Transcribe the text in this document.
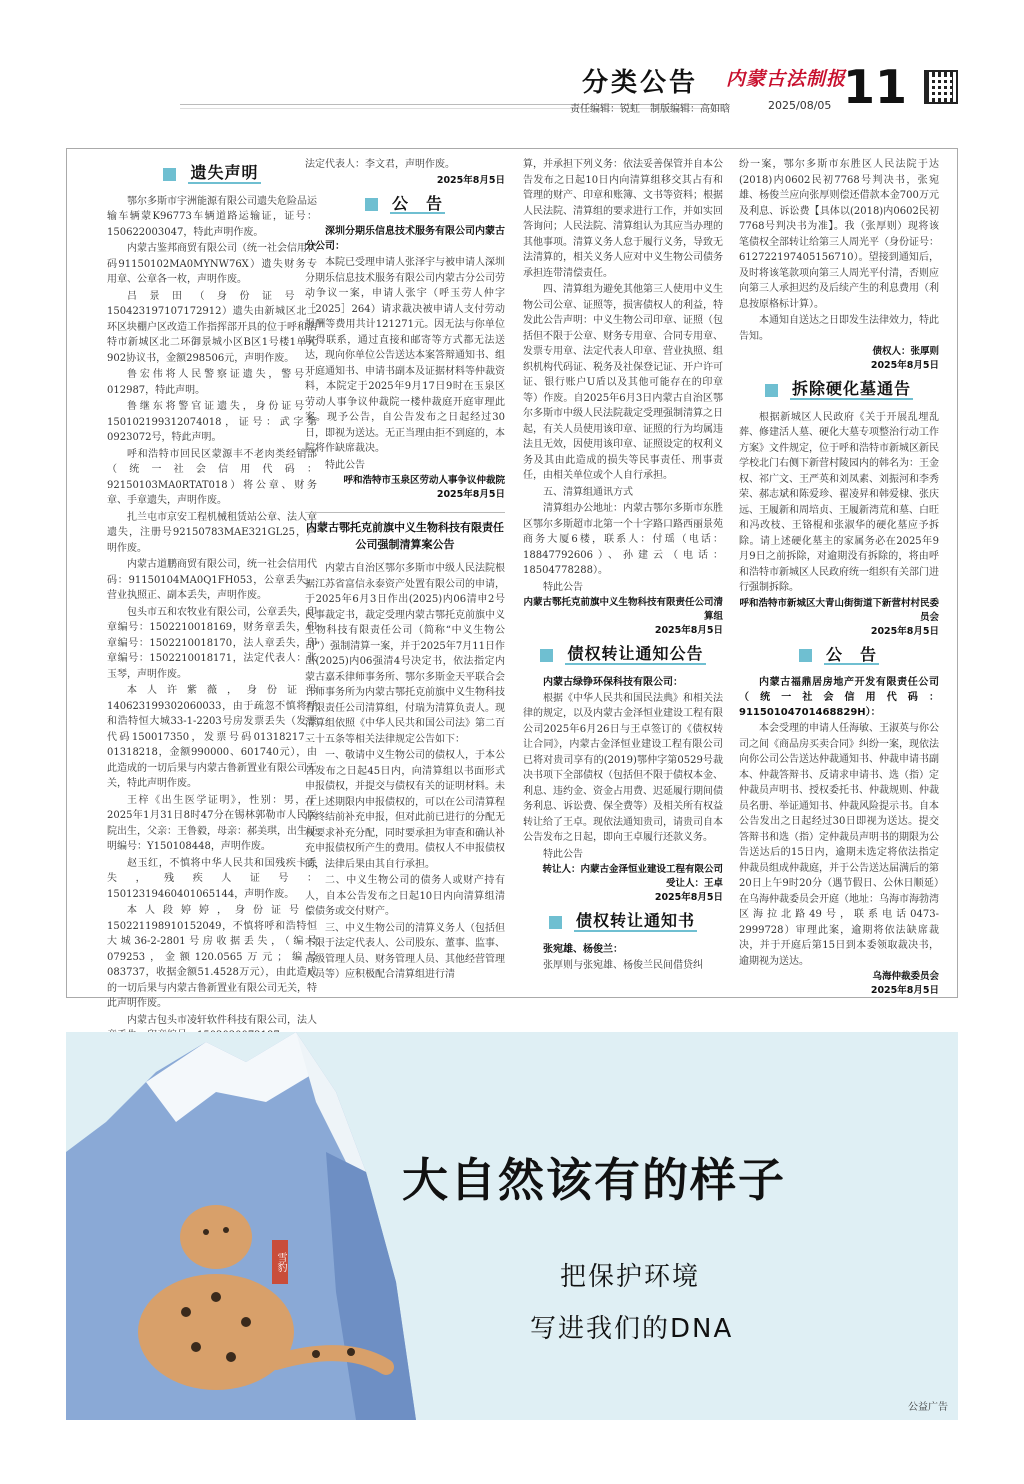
分类公告 内蒙古法制报
11
责任编辑：锐虹　制版编辑：高如晗	2025/08/05
遗失声明

鄂尔多斯市宇洲能源有限公司遗失危险品运输车辆蒙K96773车辆道路运输证，证号：150622003047，特此声明作废。

内蒙古鉴邦商贸有限公司（统一社会信用代码91150102MA0MYNW76X）遗失财务专用章、公章各一枚，声明作废。

吕景田（身份证号：150423197107172912）遗失由新城区北二环区块棚户区改造工作指挥部开具的位于呼和浩特市新城区北二环御景城小区B区1号楼1单元902协议书，金额298506元，声明作废。

鲁宏伟将人民警察证遗失，警号：012987，特此声明。

鲁继东将警官证遗失，身份证号：150102199312074018，证号：武字第0923072号，特此声明。

呼和浩特市回民区蒙源丰不老肉类经销部（统一社会信用代码：92150103MA0RTAT018）将公章、财务章、手章遗失，声明作废。

扎兰屯市京安工程机械租赁站公章、法人章遗失，注册号92150783MAE321GL25，声明作废。

内蒙古道鹏商贸有限公司，统一社会信用代码：91150104MA0Q1FH053，公章丢失，营业执照正、副本丢失，声明作废。

包头市五和农牧业有限公司，公章丢失，印章编号：1502210018169，财务章丢失，印章编号：1502210018170，法人章丢失，印章编号：1502210018171，法定代表人：张玉琴，声明作废。

本人许紫薇，身份证号140623199302060033，由于疏忽不慎将呼和浩特恒大城33-1-2203号房发票丢失（发票代码150017350，发票号码01318217、01318218，金额990000、601740元），由此造成的一切后果与内蒙古鲁新置业有限公司无关，特此声明作废。

王梓《出生医学证明》，性别：男，于2025年1月31日8时47分在锡林郭勒市人民医院出生，父亲：王鲁毅，母亲：郝美琪，出生证明编号：Y150108448，声明作废。

赵玉红，不慎将中华人民共和国残疾卡丢失，残疾人证号：15012319460401065144，声明作废。

本人段婷婷，身份证号：150221198910152049，不慎将呼和浩特恒大城36-2-2801号房收据丢失，（编号079253，金额120.0565万元；编号083737，收据金额51.4528万元），由此造成的一切后果与内蒙古鲁新置业有限公司无关，特此声明作废。

内蒙古包头市凌轩软件科技有限公司，法人

法定代表人：李文君，声明作废。

2025年8月5日
公　告

深圳分期乐信息技术服务有限公司内蒙古分公司：

本院已受理申请人张泽宇与被申请人深圳分期乐信息技术服务有限公司内蒙古分公司劳动争议一案，申请人张宇（呼玉劳人仲字［2025］264）请求裁决被申请人支付劳动报酬等费用共计121271元。因无法与你单位取得联系，通过直接和邮寄等方式都无法送达，现向你单位公告送达本案答辩通知书、组开庭通知书、申请书副本及证据材料等仲裁资料，本院定于2025年9月17日9时在玉泉区劳动人事争议仲裁院一楼仲裁庭开庭审理此案。现予公告，自公告发布之日起经过30日，即视为送达。无正当理由拒不到庭的，本院将作缺席裁决。

特此公告

呼和浩特市玉泉区劳动人事争议仲裁院
2025年8月5日
内蒙古鄂托克前旗中义生物科技有限责任公司强制清算案公告

内蒙古自治区鄂尔多斯市中级人民法院根据江苏省富信永泰资产处置有限公司的申请，于2025年6月3日作出(2025)内06清申2号民事裁定书，裁定受理内蒙古鄂托克前旗中义生物科技有限责任公司（简称“中义生物公司”）强制清算一案，并于2025年7月11日作出(2025)内06强清4号决定书，依法指定内蒙古嘉禾律师事务所、鄂尔多斯金天平联合会计师事务所为内蒙古鄂托克前旗中义生物科技有限责任公司清算组，付瑞为清算负责人。现清算组依照《中华人民共和国公司法》第二百三十五条等相关法律规定公告如下：

一、敬请中义生物公司的债权人，于本公告发布之日起45日内，向清算组以书面形式申报债权，并提交与债权有关的证明材料。未在上述期限内申报债权的，可以在公司清算程序终结前补充申报，但对此前已进行的分配无权要求补充分配，同时要承担为审查和确认补充申报债权所产生的费用。债权人不申报债权的，法律后果由其自行承担。

二、中义生物公司的债务人或财产持有人，自本公告发布之日起10日内向清算组清偿债务或交付财产。

三、中义生物公司的清算义务人（包括但不限于法定代表人、公司股东、董事、监事、高级管理人员、财务管理人员、其他经营管理人员等）应积极配合清算组进行清

算，并承担下列义务：依法妥善保管并自本公告发布之日起10日内向清算组移交其占有和管理的财产、印章和账簿、文书等资料；根据人民法院、清算组的要求进行工作，并如实回答询问；人民法院、清算组认为其应当办理的其他事项。清算义务人怠于履行义务，导致无法清算的，相关义务人应对中义生物公司债务承担连带清偿责任。

四、清算组为避免其他第三人使用中义生物公司公章、证照等，损害债权人的利益，特发此公告声明：中义生物公司印章、证照（包括但不限于公章、财务专用章、合同专用章、发票专用章、法定代表人印章、营业执照、组织机构代码证、税务及社保登记证、开户许可证、银行账户U盾以及其他可能存在的印章等）作废。自2025年6月3日内蒙古自治区鄂尔多斯市中级人民法院裁定受理强制清算之日起，有关人员使用该印章、证照的行为均属违法且无效，因使用该印章、证照设定的权利义务及其由此造成的损失等民事责任、刑事责任，由相关单位或个人自行承担。

五、清算组通讯方式

清算组办公地址：内蒙古鄂尔多斯市东胜区鄂尔多斯超市北第一个十字路口路西丽景苑商务大厦6楼，联系人：付瑶（电话：18847792606）、孙建云（电话：18504778288）。

特此公告

内蒙古鄂托克前旗中义生物科技有限责任公司清算组
2025年8月5日
债权转让通知公告

内蒙古绿铮环保科技有限公司：

根据《中华人民共和国民法典》和相关法律的规定，以及内蒙古金泽恒业建设工程有限公司2025年6月26日与王卓签订的《债权转让合同》，内蒙古金泽恒业建设工程有限公司已将对贵司享有的(2019)鄂仲字第0529号裁决书项下全部债权（包括但不限于债权本金、利息、违约金、资金占用费、迟延履行期间债务利息、诉讼费、保全费等）及相关所有权益转让给了王卓。现依法通知贵司，请贵司自本公告发布之日起，即向王卓履行还款义务。

特此公告

转让人：内蒙古金泽恒业建设工程有限公司
受让人：王卓
2025年8月5日
债权转让通知书

张宛雄、杨俊兰：

张厚则与张宛雄、杨俊兰民间借贷纠

纷一案，鄂尔多斯市东胜区人民法院于达(2018)内0602民初7768号判决书，张宛雄、杨俊兰应向张厚则偿还借款本金700万元及利息、诉讼费【具体以(2018)内0602民初7768号判决书为准】。我（张厚则）现将该笔债权全部转让给第三人周光平（身份证号：612722197405156710）。望接到通知后，及时将该笔款项向第三人周光平付清，否则应向第三人承担迟约及后续产生的利息费用（利息按原格标计算）。

本通知自送达之日即发生法律效力，特此告知。

债权人：张厚则
2025年8月5日
拆除硬化墓通告

根据新城区人民政府《关于开展乱埋乱葬、修建活人墓、硬化大墓专项整治行动工作方案》文件规定，位于呼和浩特市新城区新民学校北门右侧下新营村陵园内的韩名为：王金权、祁广文、王严英和刘凤素、刘振河和李秀荣、郝志斌和陈爱珍、翟凌昇和韩爱棣、张庆远、王履新和周培贞、王履新湾荒和墓、白旺和冯改枝、王铬棍和张淑华的硬化墓应予拆除。请上述硬化墓主的家属务必在2025年9月9日之前拆除，对逾期没有拆除的，将由呼和浩特市新城区人民政府统一组织有关部门进行强制拆除。

呼和浩特市新城区大青山街街道下新营村村民委员会
2025年8月5日
公　告

内蒙古福鼎居房地产开发有限责任公司（统一社会信用代码：91150104701468829H）：

本会受理的申请人任海敏、王淑英与你公司之间《商品房买卖合同》纠纷一案，现依法向你公司公告送达仲裁通知书、仲裁申请书副本、仲裁答辩书、反请求申请书、选（指）定仲裁员声明书、授权委托书、仲裁规则、仲裁员名册、举证通知书、仲裁风险提示书。自本公告发出之日起经过30日即视为送达。提交答辩书和选（指）定仲裁员声明书的期限为公告送达后的15日内，逾期未选定将依法指定仲裁员组成仲裁庭，并于公告送达届满后的第20日上午9时20分（遇节假日、公休日顺延）在乌海仲裁委员会开庭（地址：乌海市海勃湾区海拉北路49号，联系电话0473-2999728）审理此案，逾期将依法缺席裁决，并于开庭后第15日到本委领取裁决书，逾期视为送达。

乌海仲裁委员会
2025年8月5日
雪豹
大自然该有的样子
把保护环境
写进我们的DNA
公益广告
